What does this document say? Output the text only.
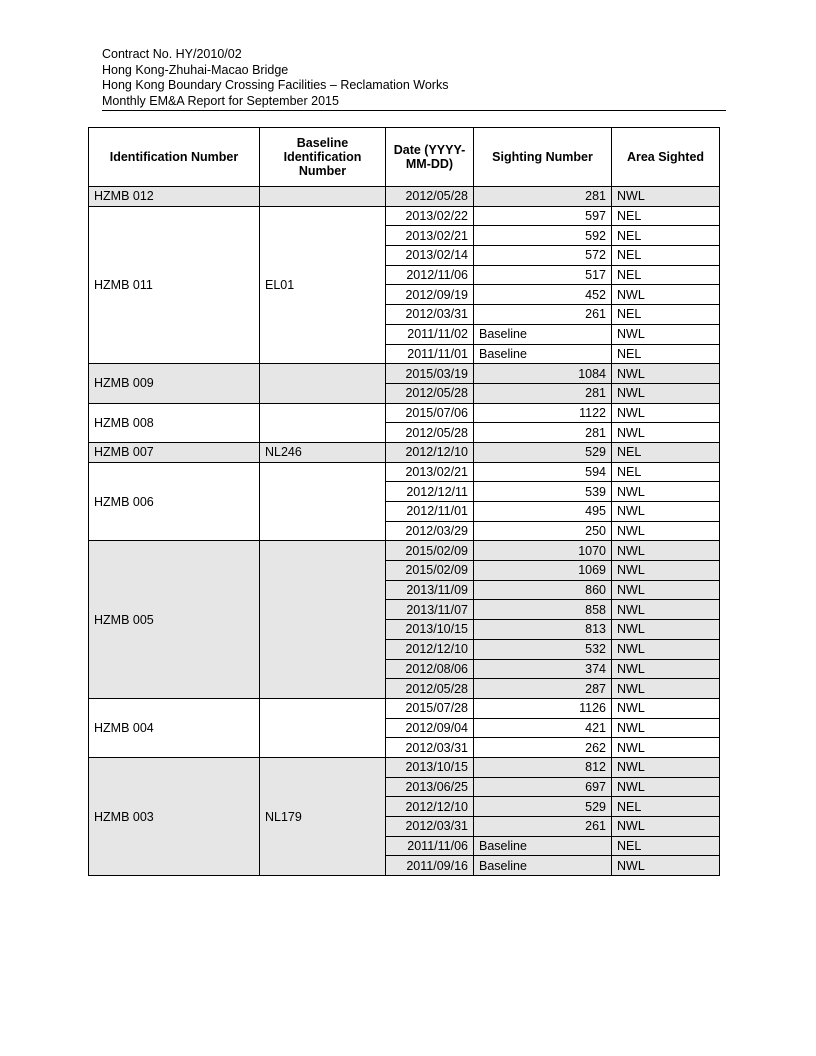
Contract No. HY/2010/02
Hong Kong-Zhuhai-Macao Bridge
Hong Kong Boundary Crossing Facilities – Reclamation Works
Monthly EM&A Report for September 2015
Identification Number	Baseline Identification Number	Date (YYYY-MM-DD)	Sighting Number	Area Sighted
HZMB 012		2012/05/28	281	NWL
HZMB 011	EL01	2013/02/22	597	NEL
		2013/02/21	592	NEL
		2013/02/14	572	NEL
		2012/11/06	517	NEL
		2012/09/19	452	NWL
		2012/03/31	261	NEL
		2011/11/02	Baseline	NWL
		2011/11/01	Baseline	NEL
HZMB 009		2015/03/19	1084	NWL
		2012/05/28	281	NWL
HZMB 008		2015/07/06	1122	NWL
		2012/05/28	281	NWL
HZMB 007	NL246	2012/12/10	529	NEL
HZMB 006		2013/02/21	594	NEL
		2012/12/11	539	NWL
		2012/11/01	495	NWL
		2012/03/29	250	NWL
HZMB 005		2015/02/09	1070	NWL
		2015/02/09	1069	NWL
		2013/11/09	860	NWL
		2013/11/07	858	NWL
		2013/10/15	813	NWL
		2012/12/10	532	NWL
		2012/08/06	374	NWL
		2012/05/28	287	NWL
HZMB 004		2015/07/28	1126	NWL
		2012/09/04	421	NWL
		2012/03/31	262	NWL
HZMB 003	NL179	2013/10/15	812	NWL
		2013/06/25	697	NWL
		2012/12/10	529	NEL
		2012/03/31	261	NWL
		2011/11/06	Baseline	NEL
		2011/09/16	Baseline	NWL
